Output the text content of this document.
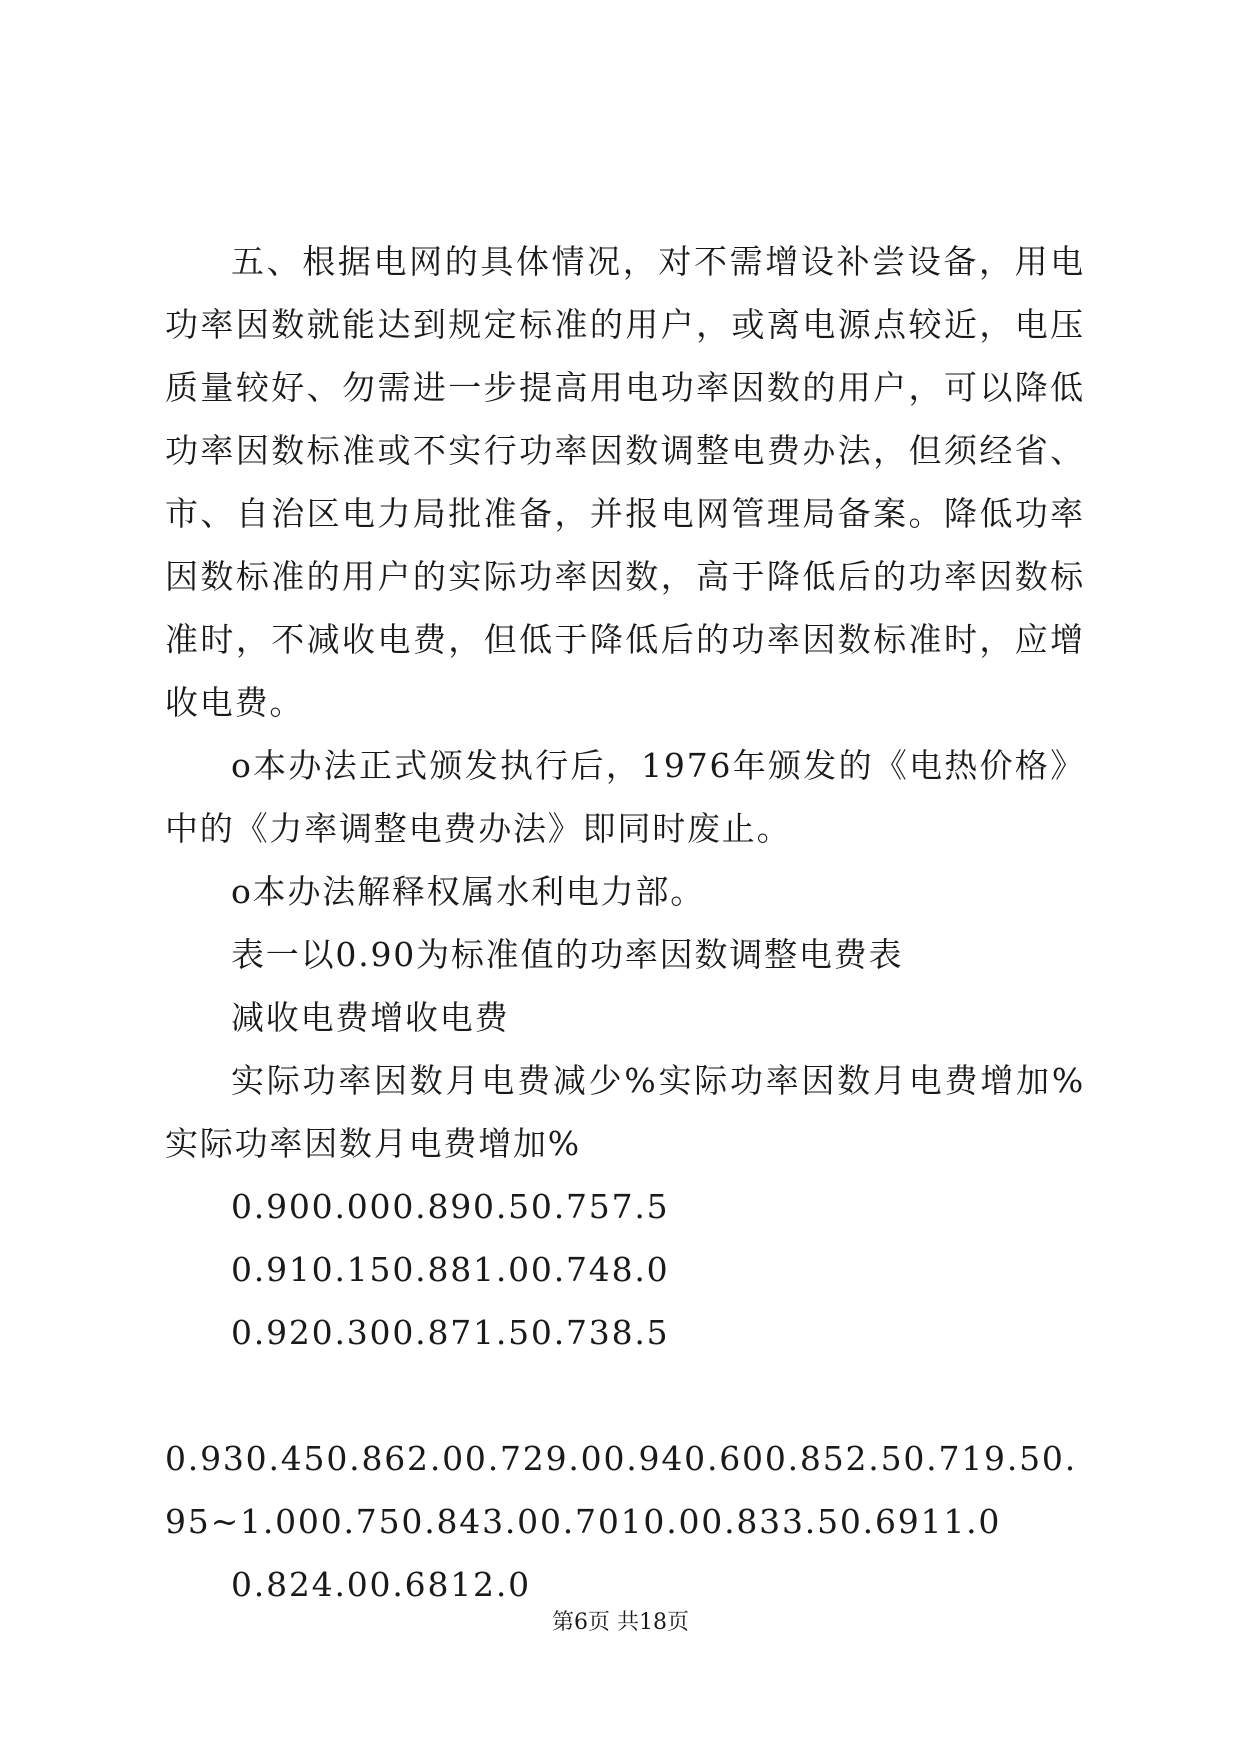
五、根据电网的具体情况，对不需增设补尝设备，用电功率因数就能达到规定标准的用户，或离电源点较近，电压质量较好、勿需进一步提高用电功率因数的用户，可以降低功率因数标准或不实行功率因数调整电费办法，但须经省、市、自治区电力局批准备，并报电网管理局备案。降低功率因数标准的用户的实际功率因数，高于降低后的功率因数标准时，不减收电费，但低于降低后的功率因数标准时，应增收电费。

o本办法正式颁发执行后，1976年颁发的《电热价格》中的《力率调整电费办法》即同时废止。

o本办法解释权属水利电力部。

表一以0.90为标准值的功率因数调整电费表

减收电费增收电费

实际功率因数月电费减少%实际功率因数月电费增加%实际功率因数月电费增加%

0.900.000.890.50.757.5

0.910.150.881.00.748.0

0.920.300.871.50.738.5

0.930.450.862.00.729.00.940.600.852.50.719.50.95~1.000.750.843.00.7010.00.833.50.6911.0

0.824.00.6812.0

第6页 共18页
